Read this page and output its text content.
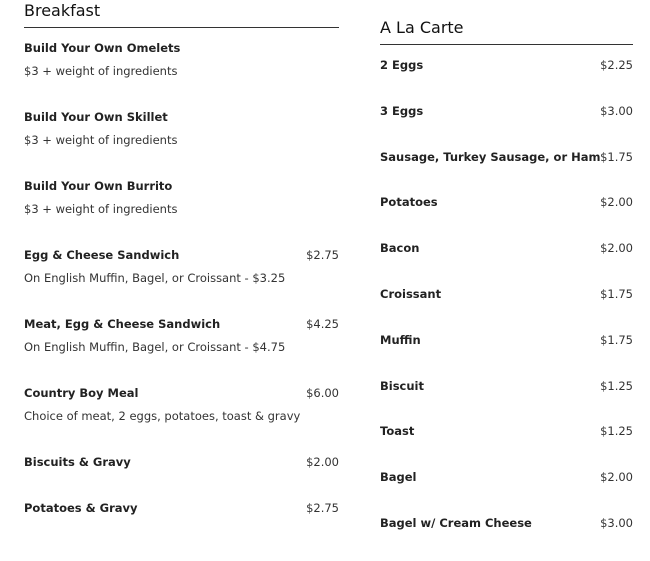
Breakfast
Build Your Own Omelets
$3 + weight of ingredients
Build Your Own Skillet
$3 + weight of ingredients
Build Your Own Burrito
$3 + weight of ingredients
Egg & Cheese Sandwich	$2.75
On English Muffin, Bagel, or Croissant - $3.25
Meat, Egg & Cheese Sandwich	$4.25
On English Muffin, Bagel, or Croissant - $4.75
Country Boy Meal	$6.00
Choice of meat, 2 eggs, potatoes, toast & gravy
Biscuits & Gravy	$2.00
Potatoes & Gravy	$2.75
A La Carte
2 Eggs	$2.25
3 Eggs	$3.00
Sausage, Turkey Sausage, or Ham $1.75
Potatoes	$2.00
Bacon	$2.00
Croissant	$1.75
Muffin	$1.75
Biscuit	$1.25
Toast	$1.25
Bagel	$2.00
Bagel w/ Cream Cheese	$3.00
